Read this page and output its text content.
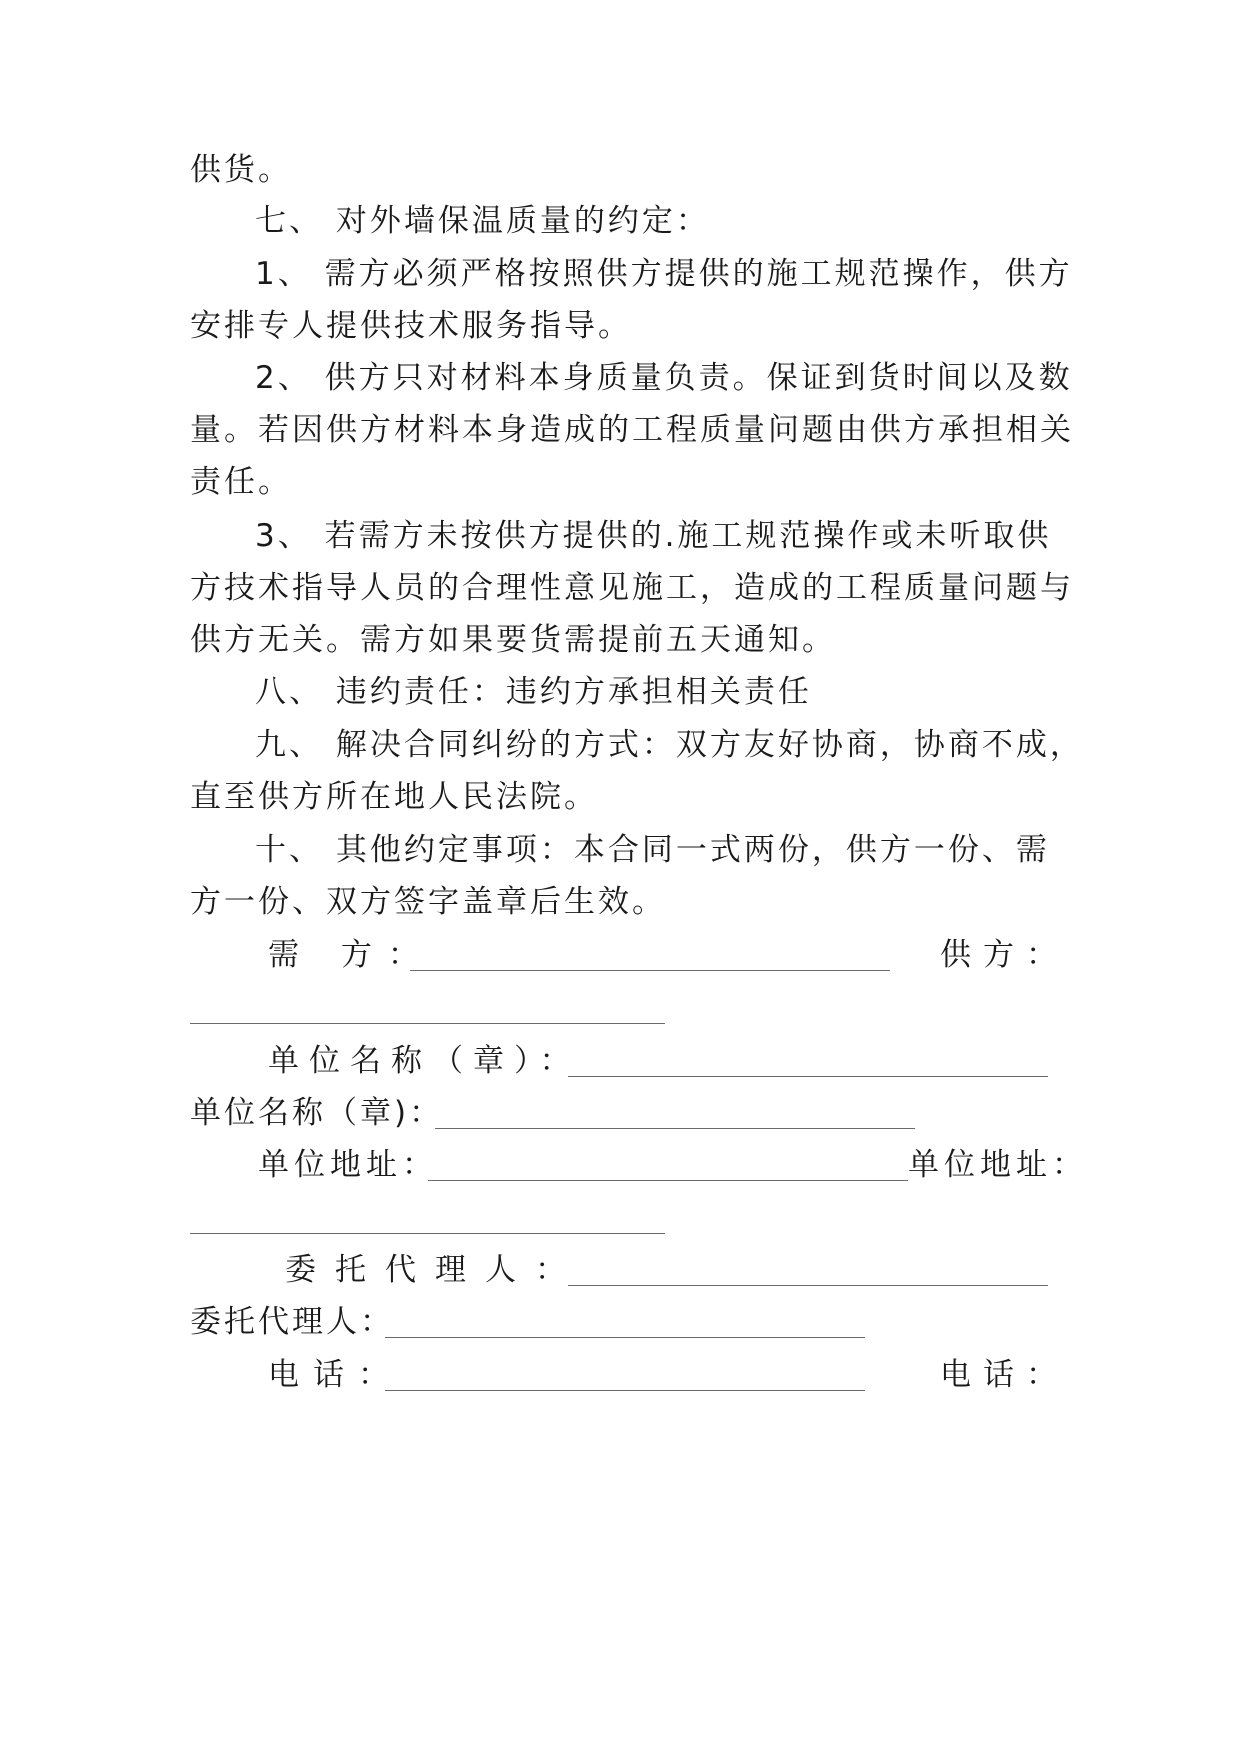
供货。
七、 对外墙保温质量的约定：
1、 需方必须严格按照供方提供的施工规范操作，供方
安排专人提供技术服务指导。
2、 供方只对材料本身质量负责。保证到货时间以及数
量。若因供方材料本身造成的工程质量问题由供方承担相关
责任。
3、 若需方未按供方提供的.施工规范操作或未听取供
方技术指导人员的合理性意见施工，造成的工程质量问题与
供方无关。需方如果要货需提前五天通知。
八、 违约责任：违约方承担相关责任
九、 解决合同纠纷的方式：双方友好协商，协商不成，
直至供方所在地人民法院。
十、 其他约定事项：本合同一式两份，供方一份、需
方一份、双方签字盖章后生效。
需 方：	供方：
单位名称（章）：
单位名称（章)：
单位地址：	单位地址：
委托代理人：
委托代理人：
电话：	电话：
